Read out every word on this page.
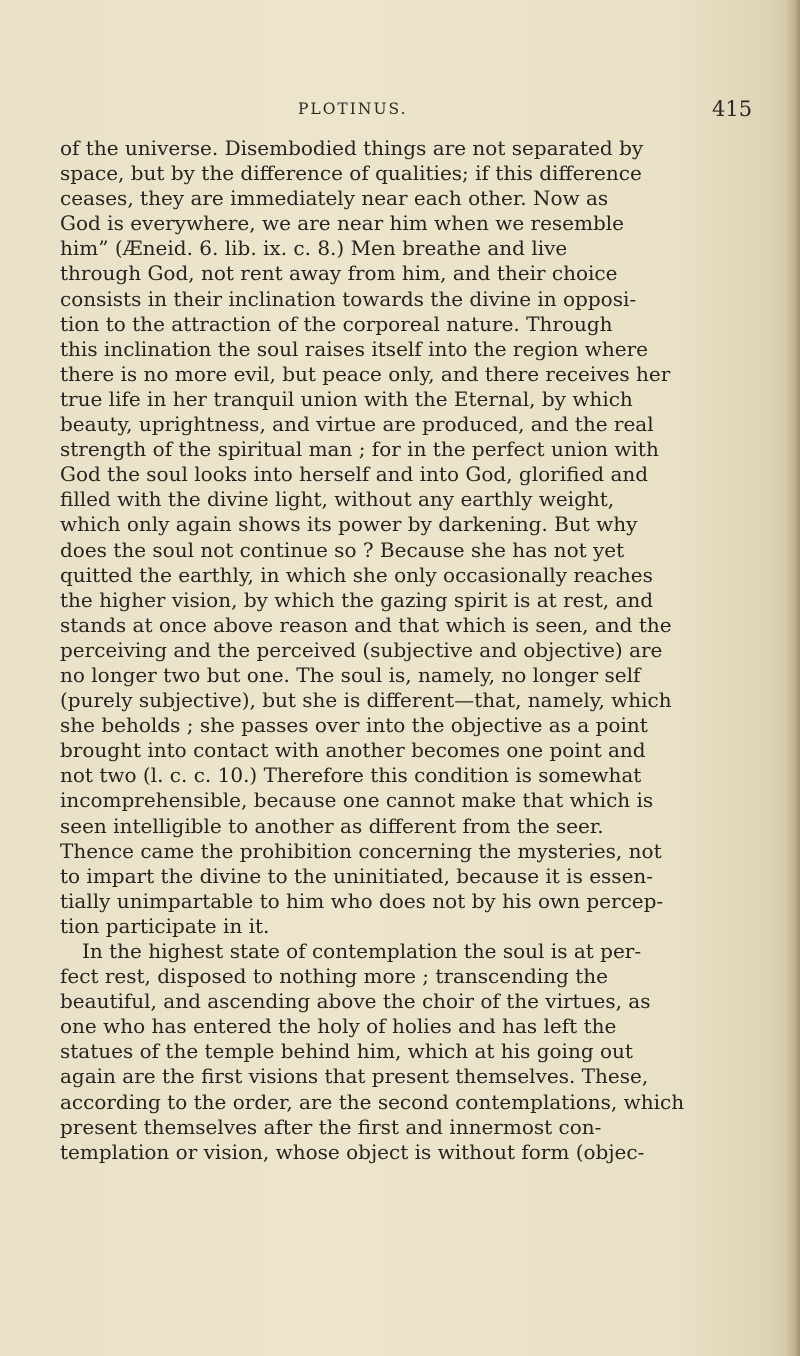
PLOTINUS.	415
of the universe. Disembodied things are not separated by
space, but by the difference of qualities; if this difference
ceases, they are immediately near each other. Now as
God is everywhere, we are near him when we resemble
him” (Æneid. 6. lib. ix. c. 8.) Men breathe and live
through God, not rent away from him, and their choice
consists in their inclination towards the divine in opposi-
tion to the attraction of the corporeal nature. Through
this inclination the soul raises itself into the region where
there is no more evil, but peace only, and there receives her
true life in her tranquil union with the Eternal, by which
beauty, uprightness, and virtue are produced, and the real
strength of the spiritual man ; for in the perfect union with
God the soul looks into herself and into God, glorified and
filled with the divine light, without any earthly weight,
which only again shows its power by darkening. But why
does the soul not continue so ? Because she has not yet
quitted the earthly, in which she only occasionally reaches
the higher vision, by which the gazing spirit is at rest, and
stands at once above reason and that which is seen, and the
perceiving and the perceived (subjective and objective) are
no longer two but one. The soul is, namely, no longer self
(purely subjective), but she is different—that, namely, which
she beholds ; she passes over into the objective as a point
brought into contact with another becomes one point and
not two (l. c. c. 10.) Therefore this condition is somewhat
incomprehensible, because one cannot make that which is
seen intelligible to another as different from the seer.
Thence came the prohibition concerning the mysteries, not
to impart the divine to the uninitiated, because it is essen-
tially unimpartable to him who does not by his own percep-
tion participate in it.
In the highest state of contemplation the soul is at per-
fect rest, disposed to nothing more ; transcending the
beautiful, and ascending above the choir of the virtues, as
one who has entered the holy of holies and has left the
statues of the temple behind him, which at his going out
again are the first visions that present themselves. These,
according to the order, are the second contemplations, which
present themselves after the first and innermost con-
templation or vision, whose object is without form (objec-
